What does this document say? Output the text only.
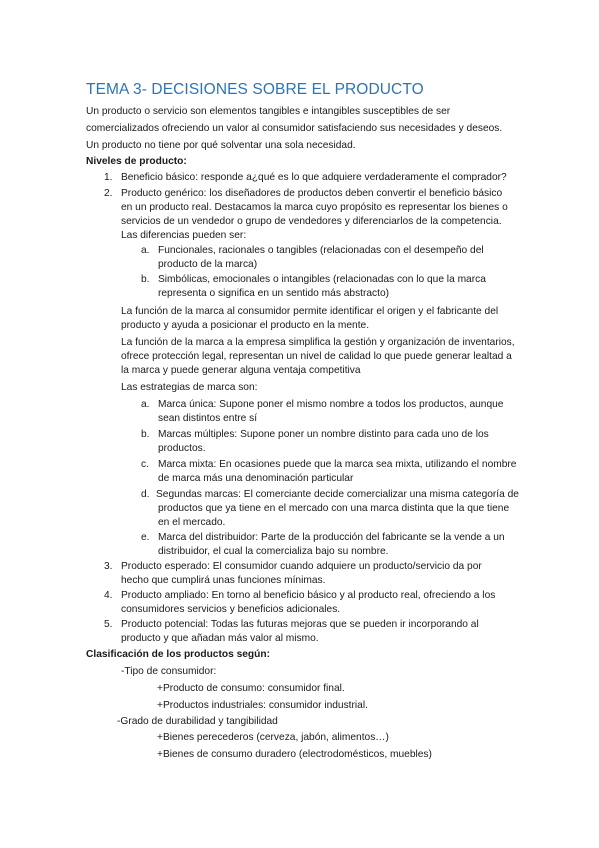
TEMA 3- DECISIONES SOBRE EL PRODUCTO
Un producto o servicio son elementos tangibles e intangibles susceptibles de ser
comercializados ofreciendo un valor al consumidor satisfaciendo sus necesidades y deseos.
Un producto no tiene por qué solventar una sola necesidad.
Niveles de producto:
1. Beneficio básico: responde a¿qué es lo que adquiere verdaderamente el comprador?
2. Producto genérico: los diseñadores de productos deben convertir el beneficio básico
en un producto real. Destacamos la marca cuyo propósito es representar los bienes o
servicios de un vendedor o grupo de vendedores y diferenciarlos de la competencia.
Las diferencias pueden ser:
a. Funcionales, racionales o tangibles (relacionadas con el desempeño del
producto de la marca)
b. Simbólicas, emocionales o intangibles (relacionadas con lo que la marca
representa o significa en un sentido más abstracto)
La función de la marca al consumidor permite identificar el origen y el fabricante del
producto y ayuda a posicionar el producto en la mente.
La función de la marca a la empresa simplifica la gestión y organización de inventarios,
ofrece protección legal, representan un nivel de calidad lo que puede generar lealtad a
la marca y puede generar alguna ventaja competitiva
Las estrategias de marca son:
a. Marca única: Supone poner el mismo nombre a todos los productos, aunque
sean distintos entre sí
b. Marcas múltiples: Supone poner un nombre distinto para cada uno de los
productos.
c. Marca mixta: En ocasiones puede que la marca sea mixta, utilizando el nombre
de marca más una denominación particular
d. Segundas marcas: El comerciante decide comercializar una misma categoría de
productos que ya tiene en el mercado con una marca distinta que la que tiene
en el mercado.
e. Marca del distribuidor: Parte de la producción del fabricante se la vende a un
distribuidor, el cual la comercializa bajo su nombre.
3. Producto esperado: El consumidor cuando adquiere un producto/servicio da por
hecho que cumplirá unas funciones mínimas.
4. Producto ampliado: En torno al beneficio básico y al producto real, ofreciendo a los
consumidores servicios y beneficios adicionales.
5. Producto potencial: Todas las futuras mejoras que se pueden ir incorporando al
producto y que añadan más valor al mismo.
Clasificación de los productos según:
-Tipo de consumidor:
+Producto de consumo: consumidor final.
+Productos industriales: consumidor industrial.
-Grado de durabilidad y tangibilidad
+Bienes perecederos (cerveza, jabón, alimentos…)
+Bienes de consumo duradero (electrodomésticos, muebles)
